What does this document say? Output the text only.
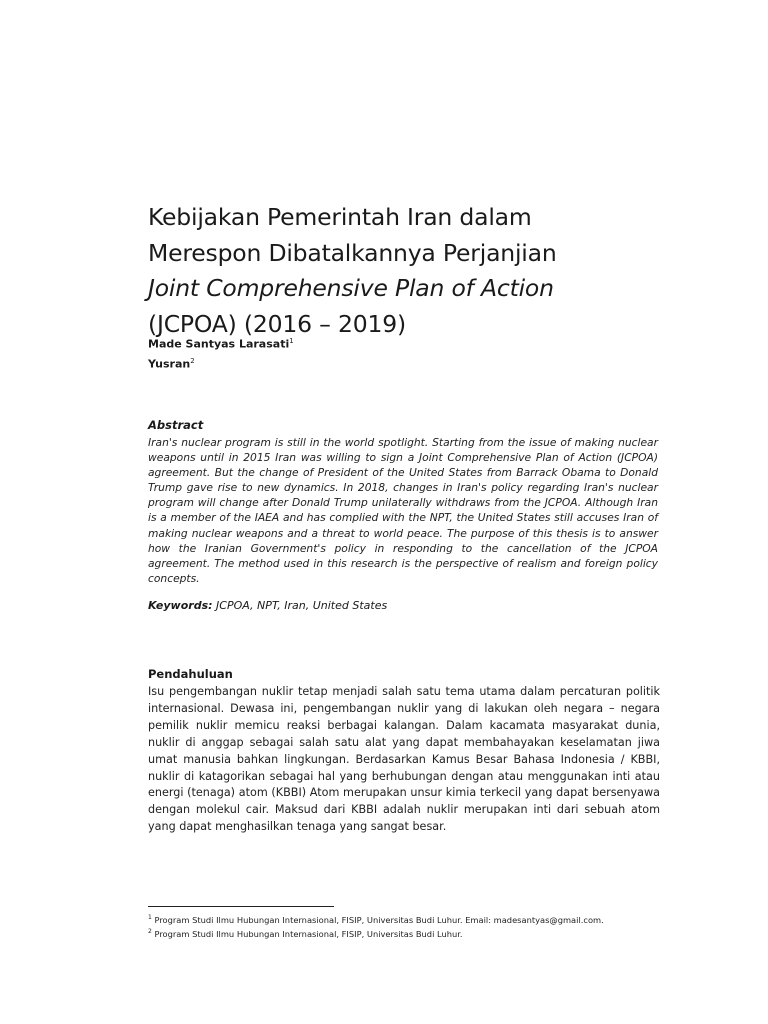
Kebijakan Pemerintah Iran dalam
Merespon Dibatalkannya Perjanjian
Joint Comprehensive Plan of Action
(JCPOA) (2016 – 2019)
Made Santyas Larasati$^1$
Yusran$^2$
Abstract
Iran's nuclear program is still in the world spotlight. Starting from the issue of making nuclear weapons until in 2015 Iran was willing to sign a Joint Comprehensive Plan of Action (JCPOA) agreement. But the change of President of the United States from Barrack Obama to Donald Trump gave rise to new dynamics. In 2018, changes in Iran's policy regarding Iran's nuclear program will change after Donald Trump unilaterally withdraws from the JCPOA. Although Iran is a member of the IAEA and has complied with the NPT, the United States still accuses Iran of making nuclear weapons and a threat to world peace. The purpose of this thesis is to answer how the Iranian Government's policy in responding to the cancellation of the JCPOA agreement. The method used in this research is the perspective of realism and foreign policy concepts.
Keywords: JCPOA, NPT, Iran, United States
Pendahuluan
Isu pengembangan nuklir tetap menjadi salah satu tema utama dalam percaturan politik internasional. Dewasa ini, pengembangan nuklir yang di lakukan oleh negara – negara pemilik nuklir memicu reaksi berbagai kalangan. Dalam kacamata masyarakat dunia, nuklir di anggap sebagai salah satu alat yang dapat membahayakan keselamatan jiwa umat manusia bahkan lingkungan. Berdasarkan Kamus Besar Bahasa Indonesia / KBBI, nuklir di katagorikan sebagai hal yang berhubungan dengan atau menggunakan inti atau energi (tenaga) atom (KBBI) Atom merupakan unsur kimia terkecil yang dapat bersenyawa dengan molekul cair. Maksud dari KBBI adalah nuklir merupakan inti dari sebuah atom yang dapat menghasilkan tenaga yang sangat besar.
$^1$ Program Studi Ilmu Hubungan Internasional, FISIP, Universitas Budi Luhur. Email: madesantyas@gmail.com.
$^2$ Program Studi Ilmu Hubungan Internasional, FISIP, Universitas Budi Luhur.
